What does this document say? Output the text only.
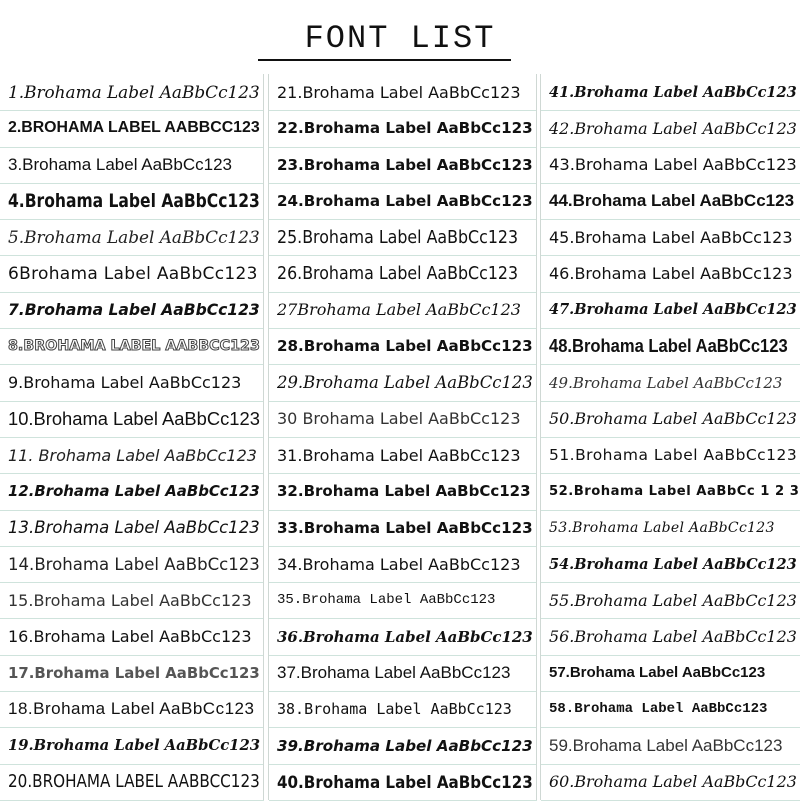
FONT LIST
1.Brohama Label AaBbCc123
2.BROHAMA LABEL AABBCC123
3.Brohama Label AaBbCc123
4.Brohama Label AaBbCc123
5.Brohama Label AaBbCc123
6Brohama Label AaBbCc123
7.Brohama Label AaBbCc123
8.BROHAMA LABEL AABBCC123
9.Brohama Label AaBbCc123
10.Brohama Label AaBbCc123
11. Brohama Label AaBbCc123
12.Brohama Label AaBbCc123
13.Brohama Label AaBbCc123
14.Brohama Label AaBbCc123
15.Brohama Label AaBbCc123
16.Brohama Label AaBbCc123
17.Brohama Label AaBbCc123
18.Brohama Label AaBbCc123
19.Brohama Label AaBbCc123
20.BROHAMA LABEL AABBCC123
21.Brohama Label AaBbCc123
22.Brohama Label AaBbCc123
23.Brohama Label AaBbCc123
24.Brohama Label AaBbCc123
25.Brohama Label AaBbCc123
26.Brohama Label AaBbCc123
27Brohama Label AaBbCc123
28.Brohama Label AaBbCc123
29.Brohama Label AaBbCc123
30 Brohama Label AaBbCc123
31.Brohama Label AaBbCc123
32.Brohama Label AaBbCc123
33.Brohama Label AaBbCc123
34.Brohama Label AaBbCc123
35.Brohama Label AaBbCc123
36.Brohama Label AaBbCc123
37.Brohama Label AaBbCc123
38.Brohama Label AaBbCc123
39.Brohama Label AaBbCc123
40.Brohama Label AaBbCc123
41.Brohama Label AaBbCc123
42.Brohama Label AaBbCc123
43.Brohama Label AaBbCc123
44.Brohama Label AaBbCc123
45.Brohama Label AaBbCc123
46.Brohama Label AaBbCc123
47.Brohama Label AaBbCc123
48.Brohama Label AaBbCc123
49.Brohama Label AaBbCc123
50.Brohama Label AaBbCc123
51.Brohama Label AaBbCc123
52.Brohama Label AaBbCc 1 2 3
53.Brohama Label AaBbCc123
54.Brohama Label AaBbCc123
55.Brohama Label AaBbCc123
56.Brohama Label AaBbCc123
57.Brohama Label AaBbCc123
58.Brohama Label AaBbCc123
59.Brohama Label AaBbCc123
60.Brohama Label AaBbCc123
